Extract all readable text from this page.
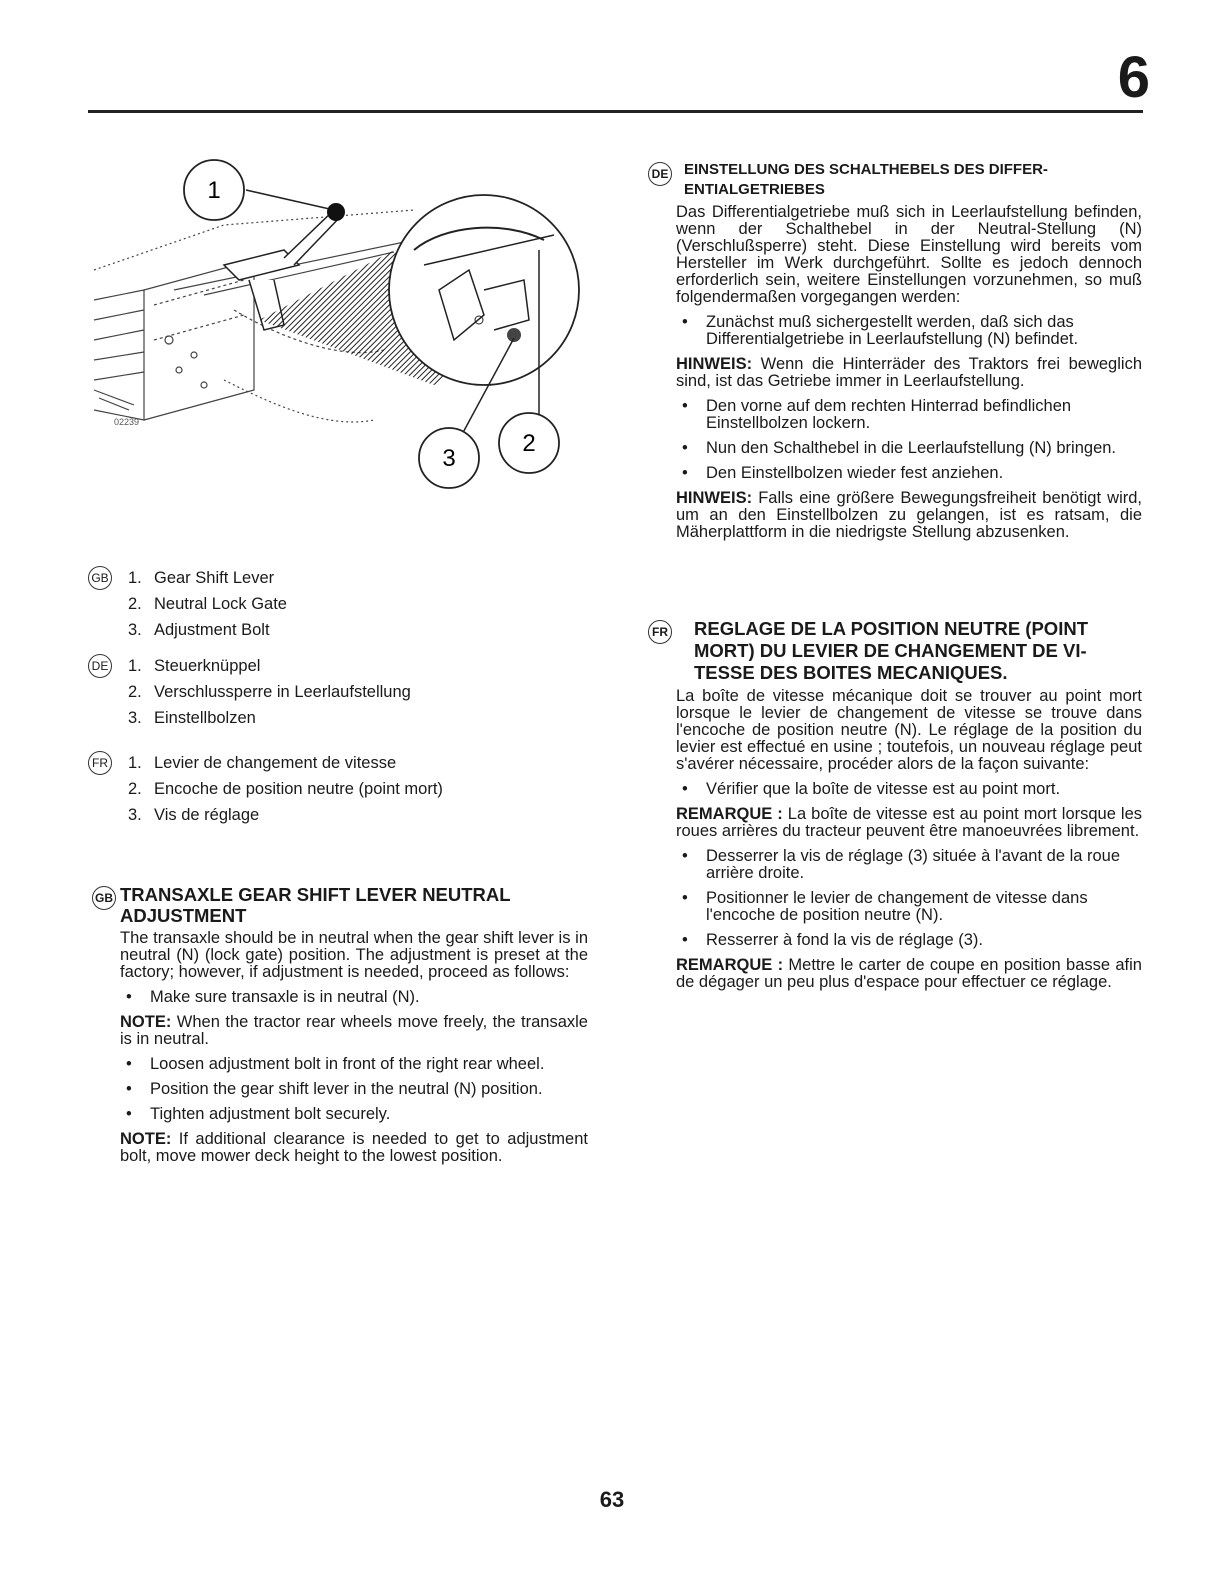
6
1
2
3
02239
GB 1. Gear Shift Lever
2. Neutral Lock Gate
3. Adjustment Bolt
DE 1. Steuerknüppel
2. Verschlussperre in Leerlaufstellung
3. Einstellbolzen
FR 1. Levier de changement de vitesse
2. Encoche de position neutre (point mort)
3. Vis de réglage
GB TRANSAXLE GEAR SHIFT LEVER NEUTRAL
ADJUSTMENT

The transaxle should be in neutral when the gear shift lever is in neutral (N) (lock gate) position. The adjustment is preset at the factory; however, if adjustment is needed, proceed as follows:

• Make sure transaxle is in neutral (N).

NOTE: When the tractor rear wheels move freely, the transaxle is in neutral.

• Loosen adjustment bolt in front of the right rear wheel.
• Position the gear shift lever in the neutral (N) position.
• Tighten adjustment bolt securely.

NOTE: If additional clearance is needed to get to adjustment bolt, move mower deck height to the lowest position.

DE	EINSTELLUNG DES SCHALTHEBELS DES DIFFER-
ENTIALGETRIEBES

Das Differentialgetriebe muß sich in Leerlaufstellung befinden, wenn der Schalthebel in der Neutral-Stellung (N) (Verschlußsperre) steht. Diese Einstellung wird bereits vom Hersteller im Werk durchgeführt. Sollte es jedoch dennoch erforderlich sein, weitere Einstellungen vorzunehmen, so muß folgendermaßen vorgegangen werden:

• Zunächst muß sichergestellt werden, daß sich das Differentialgetriebe in Leerlaufstellung (N) befindet.

HINWEIS: Wenn die Hinterräder des Traktors frei beweglich sind, ist das Getriebe immer in Leerlaufstellung.

• Den vorne auf dem rechten Hinterrad befindlichen Einstellbolzen lockern.
• Nun den Schalthebel in die Leerlaufstellung (N) bringen.
• Den Einstellbolzen wieder fest anziehen.

HINWEIS: Falls eine größere Bewegungsfreiheit benötigt wird, um an den Einstellbolzen zu gelangen, ist es ratsam, die Mäherplattform in die niedrigste Stellung abzusenken.

FR	REGLAGE DE LA POSITION NEUTRE (POINT
MORT) DU LEVIER DE CHANGEMENT DE VI-
TESSE DES BOITES MECANIQUES.

La boîte de vitesse mécanique doit se trouver au point mort lorsque le levier de changement de vitesse se trouve dans l'encoche de position neutre (N). Le réglage de la position du levier est effectué en usine ; toutefois, un nouveau réglage peut s'avérer nécessaire, procéder alors de la façon suivante:

• Vérifier que la boîte de vitesse est au point mort.

REMARQUE : La boîte de vitesse est au point mort lorsque les roues arrières du tracteur peuvent être manoeuvrées librement.

• Desserrer la vis de réglage (3) située à l'avant de la roue arrière droite.
• Positionner le levier de changement de vitesse dans l'encoche de position neutre (N).
• Resserrer à fond la vis de réglage (3).

REMARQUE : Mettre le carter de coupe en position basse afin de dégager un peu plus d'espace pour effectuer ce réglage.

63
